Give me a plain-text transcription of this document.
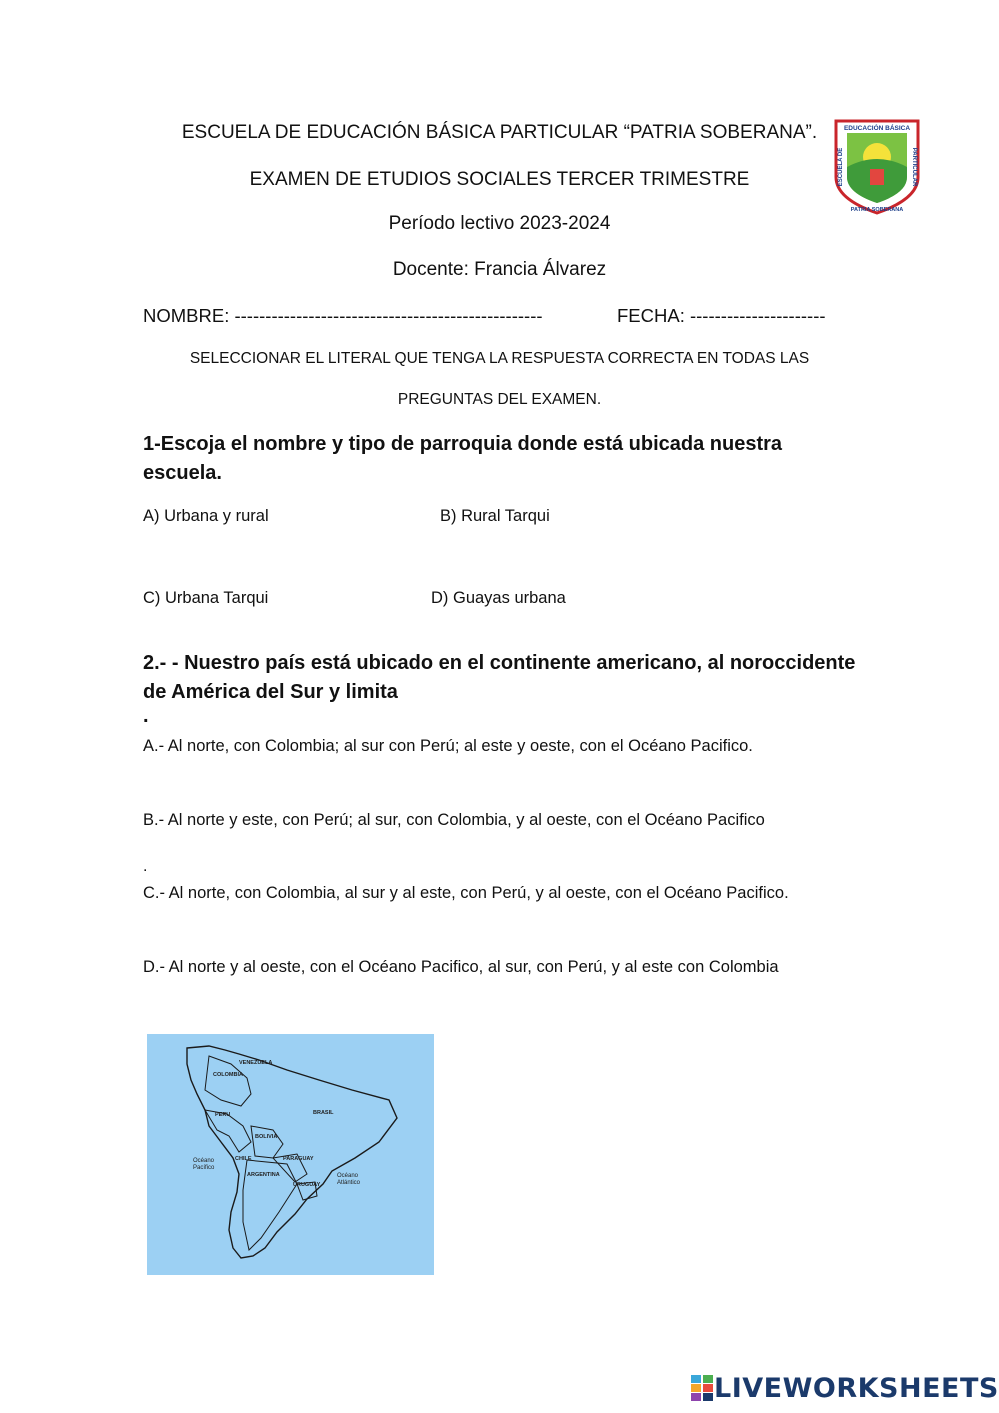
ESCUELA DE EDUCACIÓN BÁSICA PARTICULAR “PATRIA SOBERANA”.
EXAMEN DE ETUDIOS SOCIALES TERCER TRIMESTRE
Período lectivo 2023-2024
Docente: Francia Álvarez
EDUCACIÓN BÁSICA
ESCUELA DE	PARTICULAR
PATRIA SOBERANA
NOMBRE: --------------------------------------------------	FECHA: ----------------------
SELECCIONAR EL LITERAL QUE TENGA LA RESPUESTA CORRECTA EN TODAS LAS
PREGUNTAS DEL EXAMEN.
1-Escoja el nombre y tipo de parroquia donde está ubicada nuestra escuela.
A) Urbana y rural	B) Rural Tarqui
C) Urbana Tarqui	D) Guayas urbana
2.- - Nuestro país está ubicado en el continente americano, al noroccidente de América del Sur y limita
.
A.- Al norte, con Colombia; al sur con Perú; al este y oeste, con el Océano Pacifico.
B.- Al norte y este, con Perú; al sur, con Colombia, y al oeste, con el Océano Pacifico
.
C.- Al norte, con Colombia, al sur y al este, con Perú, y al oeste, con el Océano Pacifico.
D.- Al norte y al oeste, con el Océano Pacifico, al sur, con Perú, y al este con Colombia
VENEZUELA
COLOMBIA
PERU	BRASIL
BOLIVIA
PARAGUAY
CHILE
ARGENTINA
URUGUAY
Océano
Pacífico
Océano
Atlántico
LIVEWORKSHEETS
